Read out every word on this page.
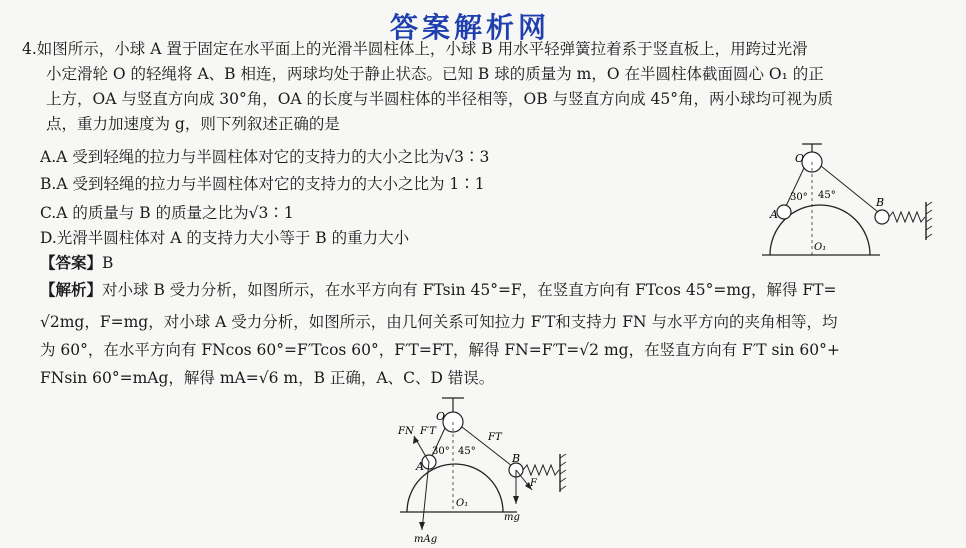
答案解析网
4.如图所示，小球 A 置于固定在水平面上的光滑半圆柱体上，小球 B 用水平轻弹簧拉着系于竖直板上，用跨过光滑
小定滑轮 O 的轻绳将 A、B 相连，两球均处于静止状态。已知 B 球的质量为 m，O 在半圆柱体截面圆心 O₁ 的正
上方，OA 与竖直方向成 30°角，OA 的长度与半圆柱体的半径相等，OB 与竖直方向成 45°角，两小球均可视为质
点，重力加速度为 g，则下列叙述正确的是
A.A 受到轻绳的拉力与半圆柱体对它的支持力的大小之比为√3∶3
B.A 受到轻绳的拉力与半圆柱体对它的支持力的大小之比为 1∶1
C.A 的质量与 B 的质量之比为√3∶1
D.光滑半圆柱体对 A 的支持力大小等于 B 的重力大小
【答案】B
【解析】对小球 B 受力分析，如图所示，在水平方向有 FTsin 45°=F，在竖直方向有 FTcos 45°=mg，解得 FT=
√2mg，F=mg，对小球 A 受力分析，如图所示，由几何关系可知拉力 F′T和支持力 FN 与水平方向的夹角相等，均
为 60°，在水平方向有 FNcos 60°=F′Tcos 60°，F′T=FT，解得 FN=F′T=√2 mg，在竖直方向有 F′T sin 60°+
FNsin 60°=mAg，解得 mA=√6 m，B 正确，A、C、D 错误。
O
A
B
O₁
30° 45°
O
A
B
O₁
30° 45°
FN F′T
FT
F
mg
mAg
